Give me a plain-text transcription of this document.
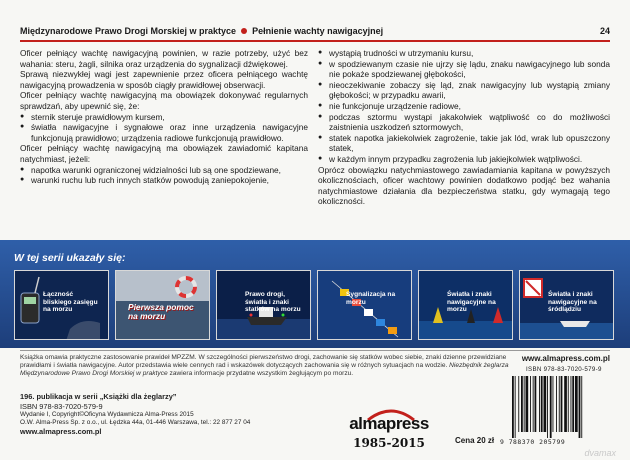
Międzynarodowe Prawo Drogi Morskiej w praktyce Pełnienie wachty nawigacyjnej	24

Oficer pełniący wachtę nawigacyjną powinien, w razie potrzeby, użyć bez wahania: steru, żagli, silnika oraz urządzenia do sygnalizacji dźwiękowej.

Sprawą niezwykłej wagi jest zapewnienie przez oficera pełniącego wachtę nawigacyjną prowadzenia w sposób ciągły prawidłowej obserwacji.

Oficer pełniący wachtę nawigacyjną ma obowiązek dokonywać regularnych sprawdzań, aby upewnić się, że:

● sternik steruje prawidłowym kursem,
● światła nawigacyjne i sygnałowe oraz inne urządzenia nawigacyjne funkcjonują prawidłowo; urządzenia radiowe funkcjonują prawidłowo.

Oficer pełniący wachtę nawigacyjną ma obowiązek zawiadomić kapitana natychmiast, jeżeli:

● napotka warunki ograniczonej widzialności lub są one spodziewane,
● warunki ruchu lub ruch innych statków powodują zaniepokojenie,
● wystąpią trudności w utrzymaniu kursu,
● w spodziewanym czasie nie ujrzy się lądu, znaku nawigacyjnego lub sonda nie pokaże spodziewanej głębokości,
● nieoczekiwanie zobaczy się ląd, znak nawigacyjny lub wystąpią zmiany głębokości; w przypadku awarii,
● nie funkcjonuje urządzenie radiowe,
● podczas sztormu wystąpi jakakolwiek wątpliwość co do możliwości zaistnienia uszkodzeń sztormowych,
● statek napotka jakiekolwiek zagrożenie, takie jak lód, wrak lub opuszczony statek,
● w każdym innym przypadku zagrożenia lub jakiejkolwiek wątpliwości.

Oprócz obowiązku natychmiastowego zawiadamiania kapitana w powyższych okolicznościach, oficer wachtowy powinien dodatkowo podjąć bez wahania natychmiastowe działania dla bezpieczeństwa statku, gdy wymagają tego okoliczności.

W tej serii ukazały się:
Łączność bliskiego zasięgu na morzu	Pierwsza pomoc na morzu
Prawo drogi, światła i znaki statków na morzu
Sygnalizacja na morzu
Światła i znaki nawigacyjne na morzu
Światła i znaki nawigacyjne na śródlądziu
Książka omawia praktyczne zastosowanie prawideł MPZZM. W szczególności pierwszeństwo drogi, zachowanie się statków wobec siebie, znaki dzienne przewidziane prawidłami i światła nawigacyjne. Autor przedstawia wiele cennych rad i wskazówek dotyczących zachowania się w różnych sytuacjach na wodzie. Niezbędnik żeglarza Międzynarodowe Prawo Drogi Morskiej w praktyce zawiera informacje przydatne wszystkim żeglującym po morzu.
www.almapress.com.pl
196. publikacja w serii „Książki dla żeglarzy”
ISBN 978-83-7020-579-9
Wydanie I, Copyright©Oficyna Wydawnicza Alma-Press 2015
O.W. Alma-Press Sp. z o.o., ul. Łędzka 44a, 01-446 Warszawa, tel.: 22 877 27 04
www.almapress.com.pl	almapress
1985-2015	Cena 20 zł
ISBN 978-83-7020-579-9
9 788370 205799
dvamax
